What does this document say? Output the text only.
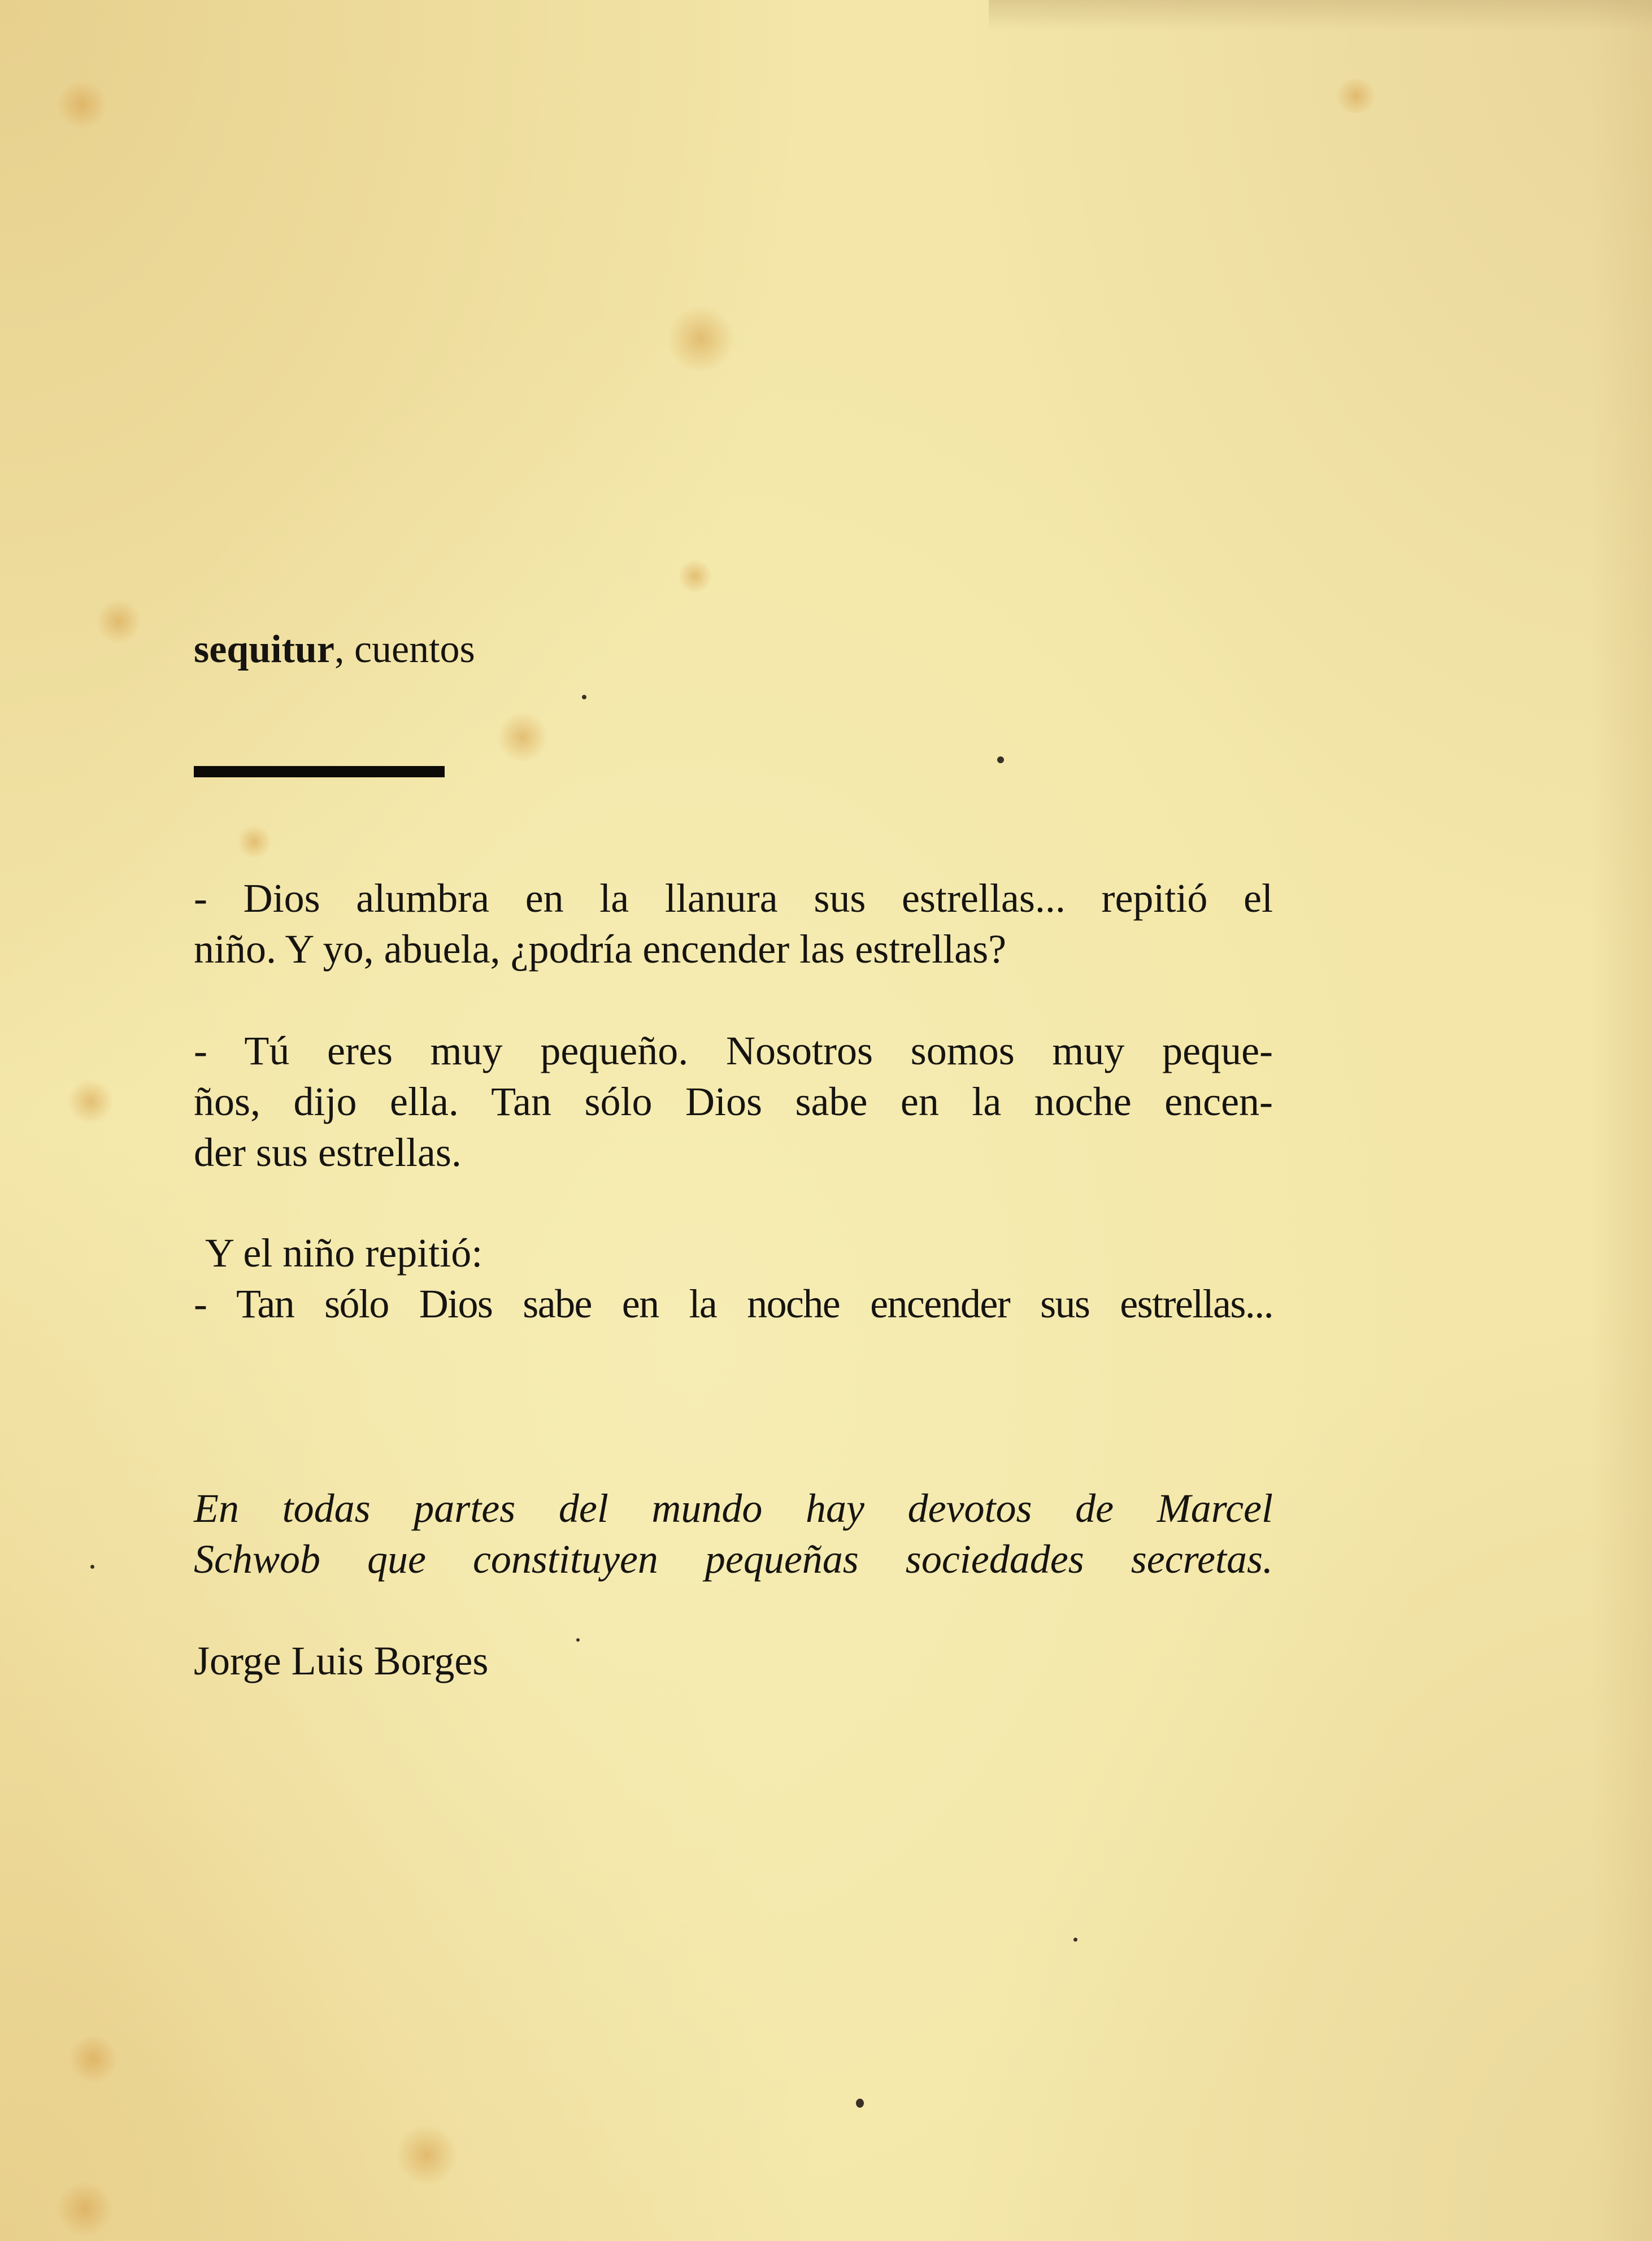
sequitur, cuentos
- Dios alumbra en la llanura sus estrellas... repitió el
niño. Y yo, abuela, ¿podría encender las estrellas?
- Tú eres muy pequeño. Nosotros somos muy peque-
ños, dijo ella. Tan sólo Dios sabe en la noche encen-
der sus estrellas.
Y el niño repitió:
- Tan sólo Dios sabe en la noche encender sus estrellas...
En todas partes del mundo hay devotos de Marcel
Schwob que constituyen pequeñas sociedades secretas.
Jorge Luis Borges
